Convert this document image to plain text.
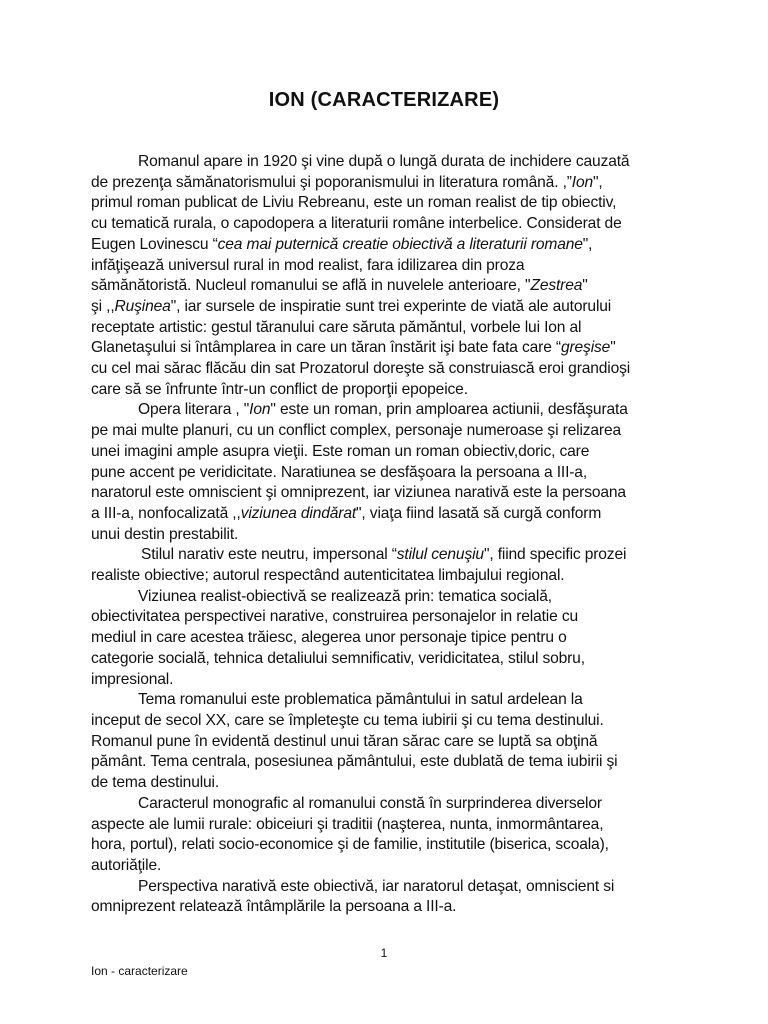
ION (CARACTERIZARE)
Romanul apare in 1920 şi vine după o lungă durata de inchidere cauzată
de prezenţa sămănatorismului şi poporanismului in literatura română. ,”Ion",
primul roman publicat de Liviu Rebreanu, este un roman realist de tip obiectiv,
cu tematică rurala, o capodopera a literaturii române interbelice. Considerat de
Eugen Lovinescu “cea mai puternică creatie obiectivă a literaturii romane",
infăţişează universul rural in mod realist, fara idilizarea din proza
sămănătoristă. Nucleul romanului se află in nuvelele anterioare, "Zestrea"
şi ,,Ruşinea", iar sursele de inspiratie sunt trei experinte de viată ale autorului
receptate artistic: gestul tăranului care săruta pămăntul, vorbele lui Ion al
Glanetaşului si întâmplarea in care un tăran înstărit işi bate fata care “greşise"
cu cel mai sărac flăcău din sat Prozatorul doreşte să construiască eroi grandioşi
care să se înfrunte într-un conflict de proporţii epopeice.
Opera literara , "Ion" este un roman, prin amploarea actiunii, desfăşurata
pe mai multe planuri, cu un conflict complex, personaje numeroase şi relizarea
unei imagini ample asupra vieţii. Este roman un roman obiectiv,doric, care
pune accent pe veridicitate. Naratiunea se desfăşoara la persoana a III-a,
naratorul este omniscient şi omniprezent, iar viziunea narativă este la persoana
a III-a, nonfocalizată ,,viziunea dindărat", viaţa fiind lasată să curgă conform
unui destin prestabilit.
Stilul narativ este neutru, impersonal “stilul cenuşiu", fiind specific prozei
realiste obiective; autorul respectând autenticitatea limbajului regional.
Viziunea realist-obiectivă se realizează prin: tematica socială,
obiectivitatea perspectivei narative, construirea personajelor in relatie cu
mediul in care acestea trăiesc, alegerea unor personaje tipice pentru o
categorie socială, tehnica detaliului semnificativ, veridicitatea, stilul sobru,
impresional.
Tema romanului este problematica pământului in satul ardelean la
inceput de secol XX, care se împleteşte cu tema iubirii şi cu tema destinului.
Romanul pune în evidentă destinul unui tăran sărac care se luptă sa obţină
pământ. Tema centrala, posesiunea pământului, este dublată de tema iubirii şi
de tema destinului.
Caracterul monografic al romanului constă în surprinderea diverselor
aspecte ale lumii rurale: obiceiuri şi traditii (naşterea, nunta, inmormântarea,
hora, portul), relati socio-economice şi de familie, institutile (biserica, scoala),
autoriăţile.
Perspectiva narativă este obiectivă, iar naratorul detaşat, omniscient si
omniprezent relatează întâmplările la persoana a III-a.
1
Ion - caracterizare
